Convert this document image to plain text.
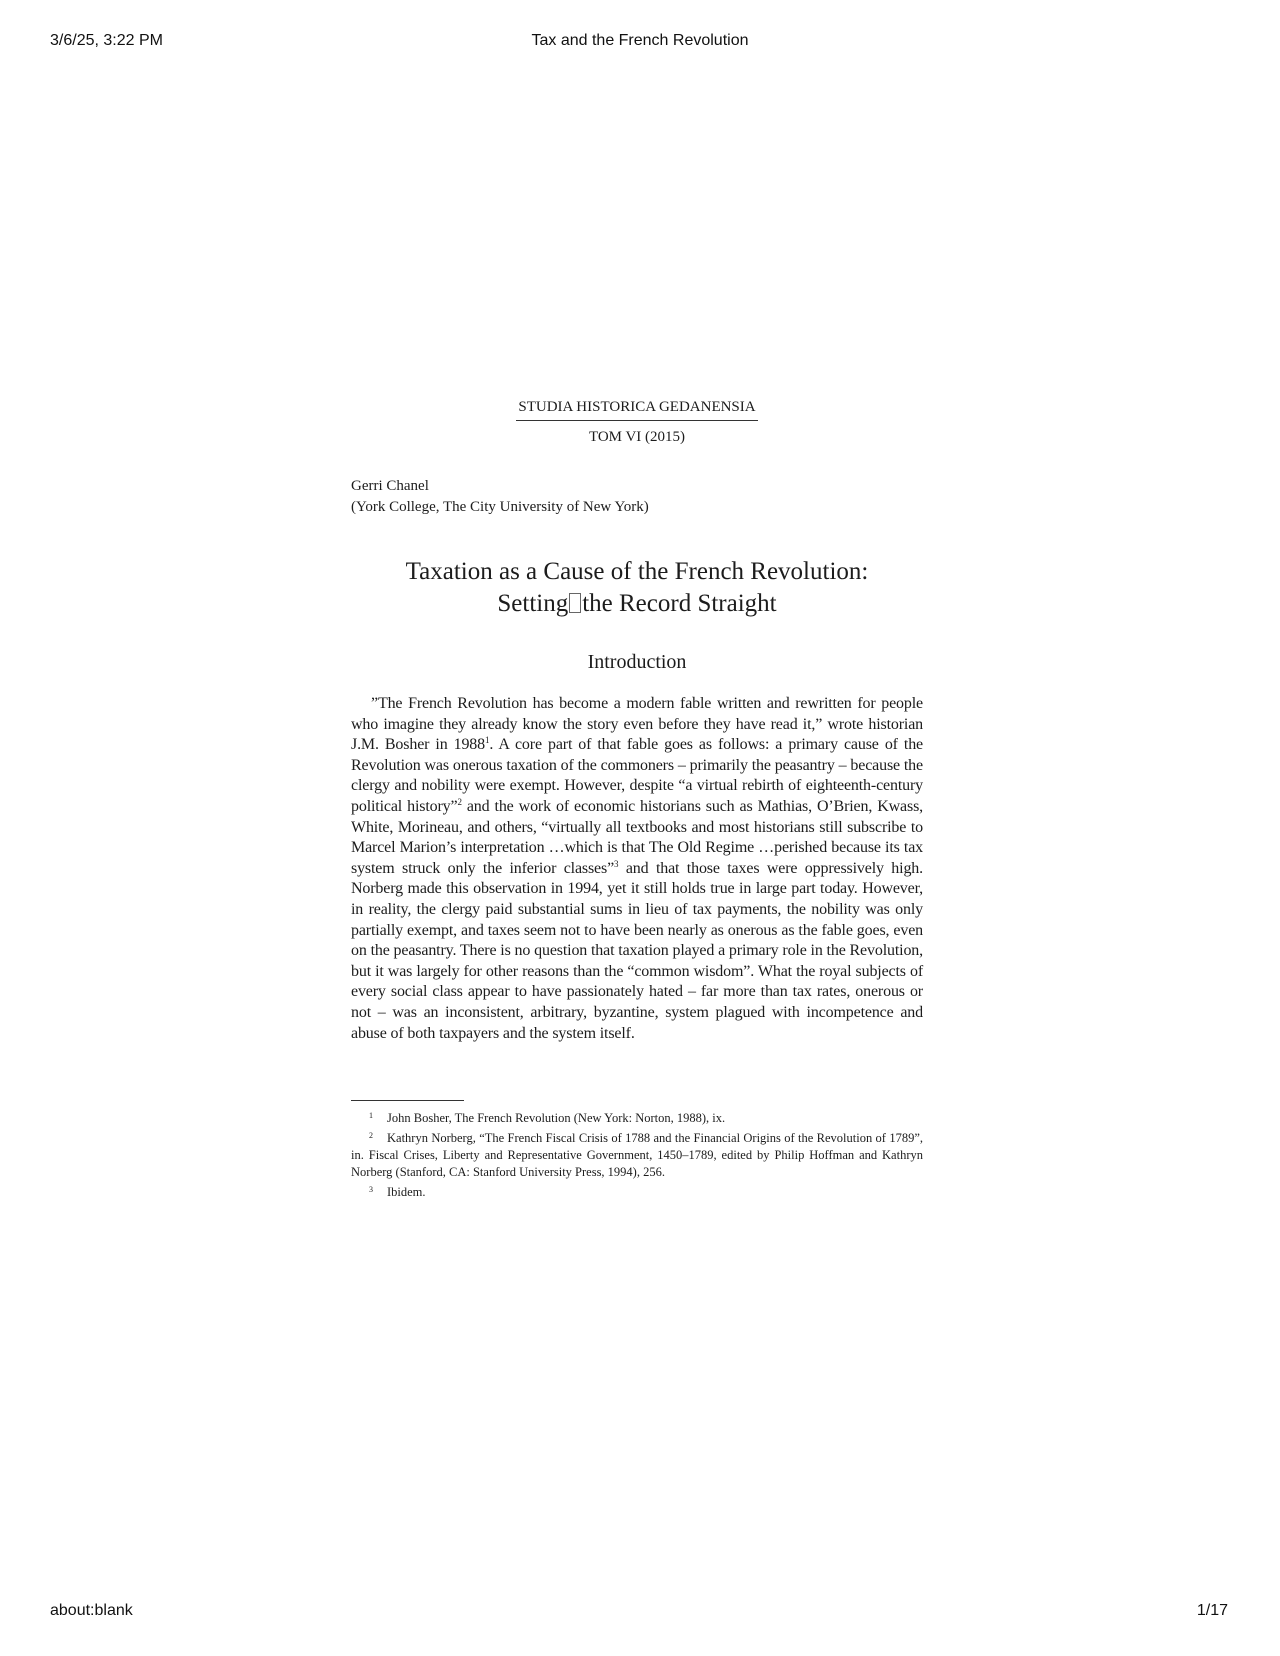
3/6/25, 3:22 PM	Tax and the French Revolution
STUDIA HISTORICA GEDANENSIA
TOM VI (2015)
Gerri Chanel
(York College, The City University of New York)
Taxation as a Cause of the French Revolution:
Setting the Record Straight
Introduction

”The French Revolution has become a modern fable written and rewritten for people who imagine they already know the story even before they have read it,” wrote historian J.M. Bosher in 1988$^1$. A core part of that fable goes as follows: a primary cause of the Revolution was onerous taxation of the commoners – primarily the peasantry – because the clergy and nobility were exempt. However, despite “a virtual rebirth of eighteenth-century political history”$^2$ and the work of economic historians such as Mathias, O’Brien, Kwass, White, Morineau, and others, “virtually all textbooks and most historians still subscribe to Marcel Marion’s interpretation …which is that The Old Regime …perished because its tax system struck only the inferior classes”$^3$ and that those taxes were oppressively high. Norberg made this observation in 1994, yet it still holds true in large part today. However, in reality, the clergy paid substantial sums in lieu of tax payments, the nobility was only partially exempt, and taxes seem not to have been nearly as onerous as the fable goes, even on the peasantry. There is no question that taxation played a primary role in the Revolution, but it was largely for other reasons than the “common wisdom”. What the royal subjects of every social class appear to have passionately hated – far more than tax rates, onerous or not – was an inconsistent, arbitrary, byzantine, system plagued with incompetence and abuse of both taxpayers and the system itself.

1 John Bosher, The French Revolution (New York: Norton, 1988), ix.
2 Kathryn Norberg, “The French Fiscal Crisis of 1788 and the Financial Origins of the Revolution of 1789”, in. Fiscal Crises, Liberty and Representative Government, 1450–1789, edited by Philip Hoffman and Kathryn Norberg (Stanford, CA: Stanford University Press, 1994), 256.
3 Ibidem.
about:blank	1/17
